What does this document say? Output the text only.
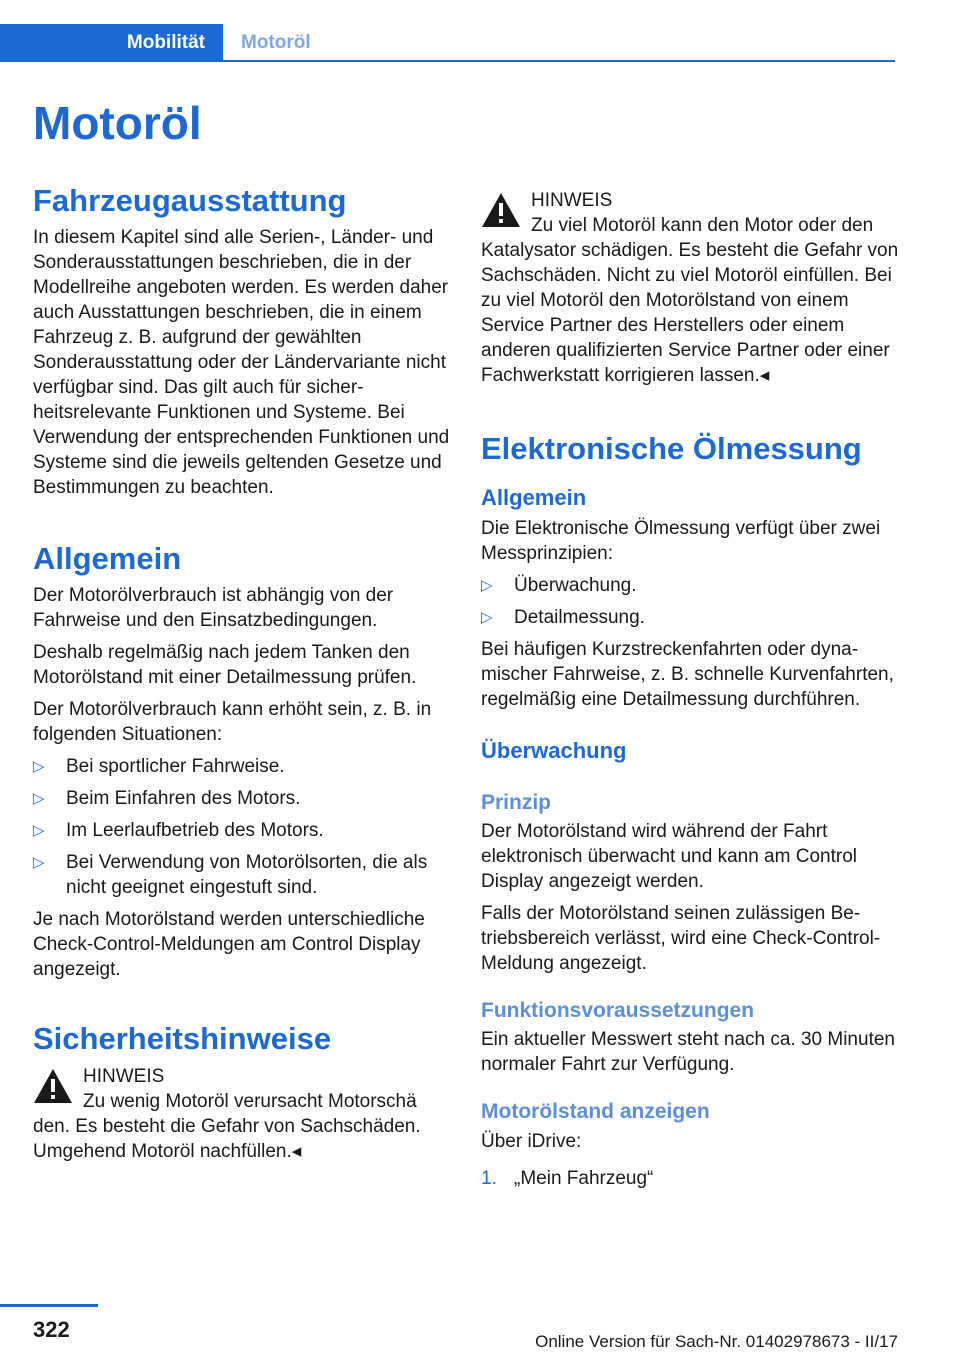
Mobilität	Motoröl
Motoröl
Fahrzeugausstattung

In diesem Kapitel sind alle Serien-, Länder- und Sonderausstattungen beschrieben, die in der Modellreihe angeboten werden. Es werden daher auch Ausstattungen beschrieben, die in einem Fahrzeug z. B. aufgrund der gewählten Sonderausstattung oder der Ländervariante nicht verfügbar sind. Das gilt auch für sicherheitsrelevante Funktionen und Systeme. Bei Verwendung der entsprechenden Funktionen und Systeme sind die jeweils geltenden Gesetze und Bestimmungen zu beachten.

Allgemein

Der Motorölverbrauch ist abhängig von der Fahrweise und den Einsatzbedingungen.

Deshalb regelmäßig nach jedem Tanken den Motorölstand mit einer Detailmessung prüfen.

Der Motorölverbrauch kann erhöht sein, z. B. in folgenden Situationen:

▷ Bei sportlicher Fahrweise.
▷ Beim Einfahren des Motors.
▷ Im Leerlaufbetrieb des Motors.
▷ Bei Verwendung von Motorölsorten, die als nicht geeignet eingestuft sind.

Je nach Motorölstand werden unterschiedliche Check-Control-Meldungen am Control Display angezeigt.

Sicherheitshinweise

HINWEIS

Zu wenig Motoröl verursacht Motorschä

den. Es besteht die Gefahr von Sachschäden. Umgehend Motoröl nachfüllen.◂

HINWEIS

Zu viel Motoröl kann den Motor oder den

Katalysator schädigen. Es besteht die Gefahr von Sachschäden. Nicht zu viel Motoröl einfüllen. Bei zu viel Motoröl den Motorölstand von einem Service Partner des Herstellers oder einem anderen qualifizierten Service Partner oder einer Fachwerkstatt korrigieren lassen.◂

Elektronische Ölmessung
Allgemein

Die Elektronische Ölmessung verfügt über zwei Messprinzipien:

▷ Überwachung.
▷ Detailmessung.

Bei häufigen Kurzstreckenfahrten oder dynamischer Fahrweise, z. B. schnelle Kurvenfahrten, regelmäßig eine Detailmessung durchführen.

Überwachung
Prinzip

Der Motorölstand wird während der Fahrt elektronisch überwacht und kann am Control Display angezeigt werden.

Falls der Motorölstand seinen zulässigen Betriebsbereich verlässt, wird eine Check-Control-Meldung angezeigt.

Funktionsvoraussetzungen

Ein aktueller Messwert steht nach ca. 30 Minuten normaler Fahrt zur Verfügung.

Motorölstand anzeigen

Über iDrive:

1. „Mein Fahrzeug“
322	Online Version für Sach-Nr. 01402978673 - II/17
